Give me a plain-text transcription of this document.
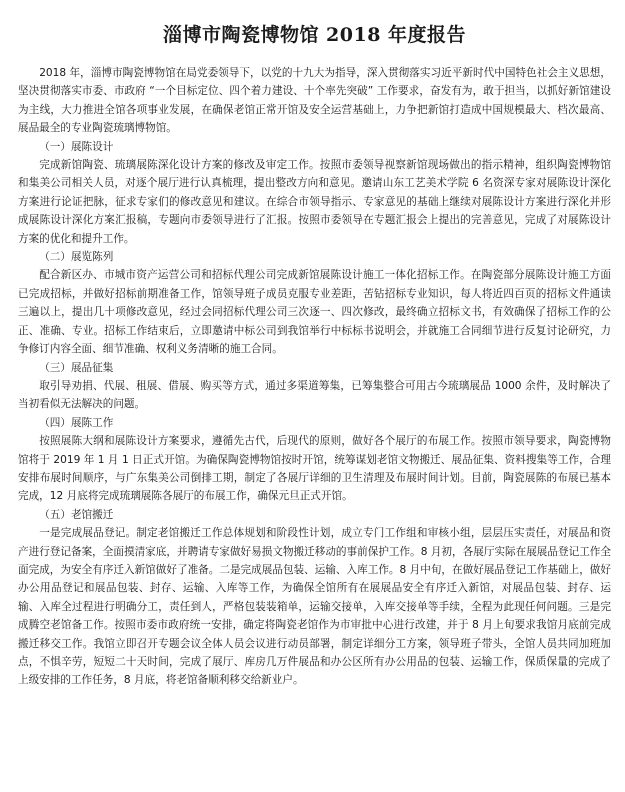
淄博市陶瓷博物馆 2018 年度报告

2018 年，淄博市陶瓷博物馆在局党委领导下，以党的十九大为指导，深入贯彻落实习近平新时代中国特色社会主义思想，坚决贯彻落实市委、市政府 “一个目标定位、四个着力建设、十个率先突破” 工作要求，奋发有为，敢于担当，以抓好新馆建设为主线，大力推进全馆各项事业发展，在确保老馆正常开馆及安全运营基础上，力争把新馆打造成中国规模最大、档次最高、展品最全的专业陶瓷琉璃博物馆。

（一）展陈设计

完成新馆陶瓷、琉璃展陈深化设计方案的修改及审定工作。按照市委领导视察新馆现场做出的指示精神，组织陶瓷博物馆和集美公司相关人员，对逐个展厅进行认真梳理，提出整改方向和意见。邀请山东工艺美术学院 6 名资深专家对展陈设计深化方案进行论证把脉，征求专家们的修改意见和建议。在综合市领导指示、专家意见的基础上继续对展陈设计方案进行深化并形成展陈设计深化方案汇报稿，专题向市委领导进行了汇报。按照市委领导在专题汇报会上提出的完善意见，完成了对展陈设计方案的优化和提升工作。

（二）展览陈列

配合新区办、市城市资产运营公司和招标代理公司完成新馆展陈设计施工一体化招标工作。在陶瓷部分展陈设计施工方面已完成招标，并做好招标前期准备工作，馆领导班子成员克服专业差距，苦钻招标专业知识，每人将近四百页的招标文件通读三遍以上，提出几十项修改意见，经过会同招标代理公司三次逐一、四次修改，最终确立招标文书，有效确保了招标工作的公正、准确、专业。招标工作结束后，立即邀请中标公司到我馆举行中标标书说明会，并就施工合同细节进行反复讨论研究，力争修订内容全面、细节准确、权利义务清晰的施工合同。

（三）展品征集

取引导劝捐、代展、租展、借展、购买等方式，通过多渠道筹集，已筹集整合可用古今琉璃展品 1000 余件，及时解决了当初看似无法解决的问题。

（四）展陈工作

按照展陈大纲和展陈设计方案要求，遵循先古代，后现代的原则，做好各个展厅的布展工作。按照市领导要求，陶瓷博物馆将于 2019 年 1 月 1 日正式开馆。为确保陶瓷博物馆按时开馆，统筹谋划老馆文物搬迁、展品征集、资料搜集等工作，合理安排布展时间顺序，与广东集美公司倒排工期，制定了各展厅详细的卫生清理及布展时间计划。目前，陶瓷展陈的布展已基本完成，12 月底将完成琉璃展陈各展厅的布展工作，确保元旦正式开馆。

（五）老馆搬迁

一是完成展品登记。制定老馆搬迁工作总体规划和阶段性计划，成立专门工作组和审核小组，层层压实责任，对展品和资产进行登记备案，全面摸清家底，并聘请专家做好易损文物搬迁移动的事前保护工作。8 月初，各展厅实际在展展品登记工作全面完成，为安全有序迁入新馆做好了准备。二是完成展品包装、运输、入库工作。8 月中旬，在做好展品登记工作基础上，做好办公用品登记和展品包装、封存、运输、入库等工作，为确保全馆所有在展展品安全有序迁入新馆，对展品包装、封存、运输、入库全过程进行明确分工，责任到人，严格包装装箱单，运输交接单，入库交接单等手续，全程为此现任何问题。三是完成腾空老馆备工作。按照市委市政府统一安排，确定将陶瓷老馆作为市审批中心进行改建，并于 8 月上旬要求我馆月底前完成搬迁移交工作。我馆立即召开专题会议全体人员会议进行动员部署，制定详细分工方案，领导班子带头，全馆人员共同加班加点，不惧辛劳，短短二十天时间，完成了展厅、库房几万件展品和办公区所有办公用品的包装、运输工作，保质保量的完成了上级安排的工作任务，8 月底，将老馆备顺利移交给新业户。
